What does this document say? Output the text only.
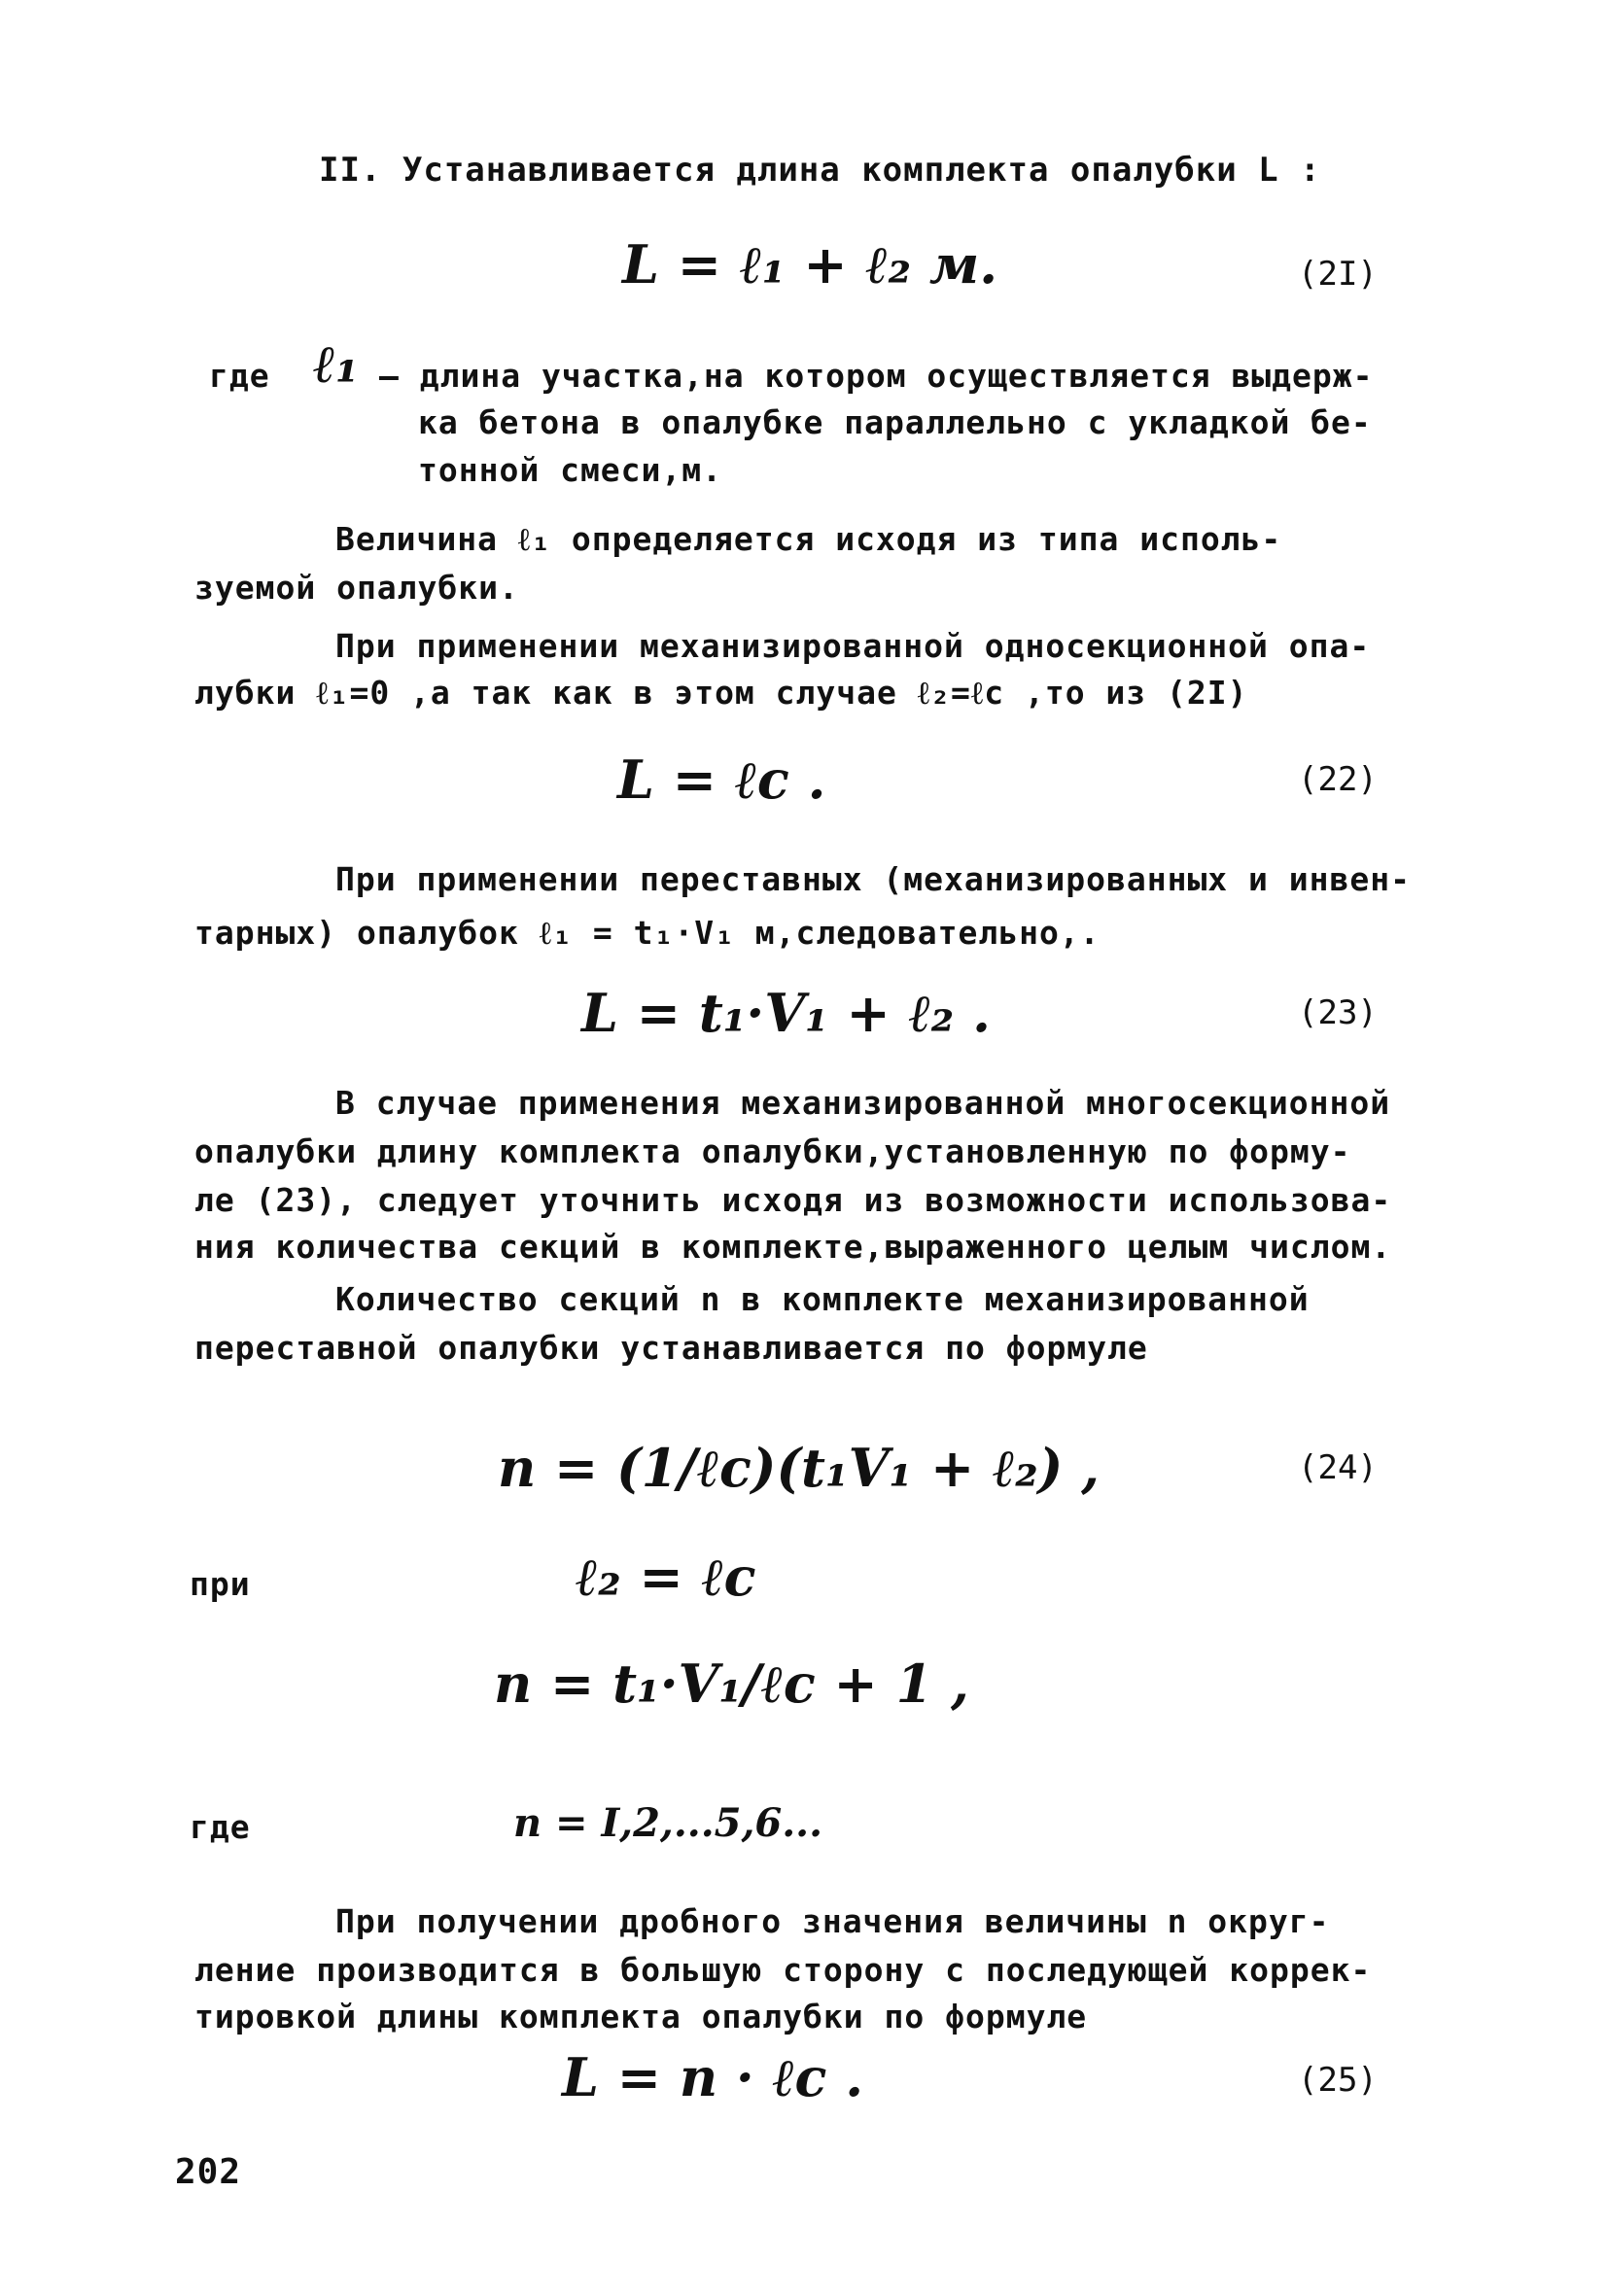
II. Устанавливается длина комплекта опалубки L :
L = ℓ₁ + ℓ₂ м.	(2I)
где ℓ₁ – длина участка,на котором осуществляется выдерж-
ка бетона в опалубке параллельно с укладкой бе-
тонной смеси,м.
Величина ℓ₁ определяется исходя из типа исполь-
зуемой опалубки.
При применении механизированной односекционной опа-
лубки ℓ₁=0 ,а так как в этом случае ℓ₂=ℓс ,то из (2I)
L = ℓс .	(22)
При применении переставных (механизированных и инвен-
тарных) опалубок ℓ₁ = t₁·V₁ м,следовательно,.
L = t₁·V₁ + ℓ₂ .	(23)
В случае применения механизированной многосекционной
опалубки длину комплекта опалубки,установленную по форму-
ле (23), следует уточнить исходя из возможности использова-
ния количества секций в комплекте,выраженного целым числом.
Количество секций n в комплекте механизированной
переставной опалубки устанавливается по формуле
n = (1/ℓс)(t₁V₁ + ℓ₂) ,	(24)
при	ℓ₂ = ℓс
n = t₁·V₁/ℓс + 1 ,
где	n = I,2,...5,6...
При получении дробного значения величины n округ-
ление производится в большую сторону с последующей коррек-
тировкой длины комплекта опалубки по формуле
L = n · ℓс .	(25)
202
